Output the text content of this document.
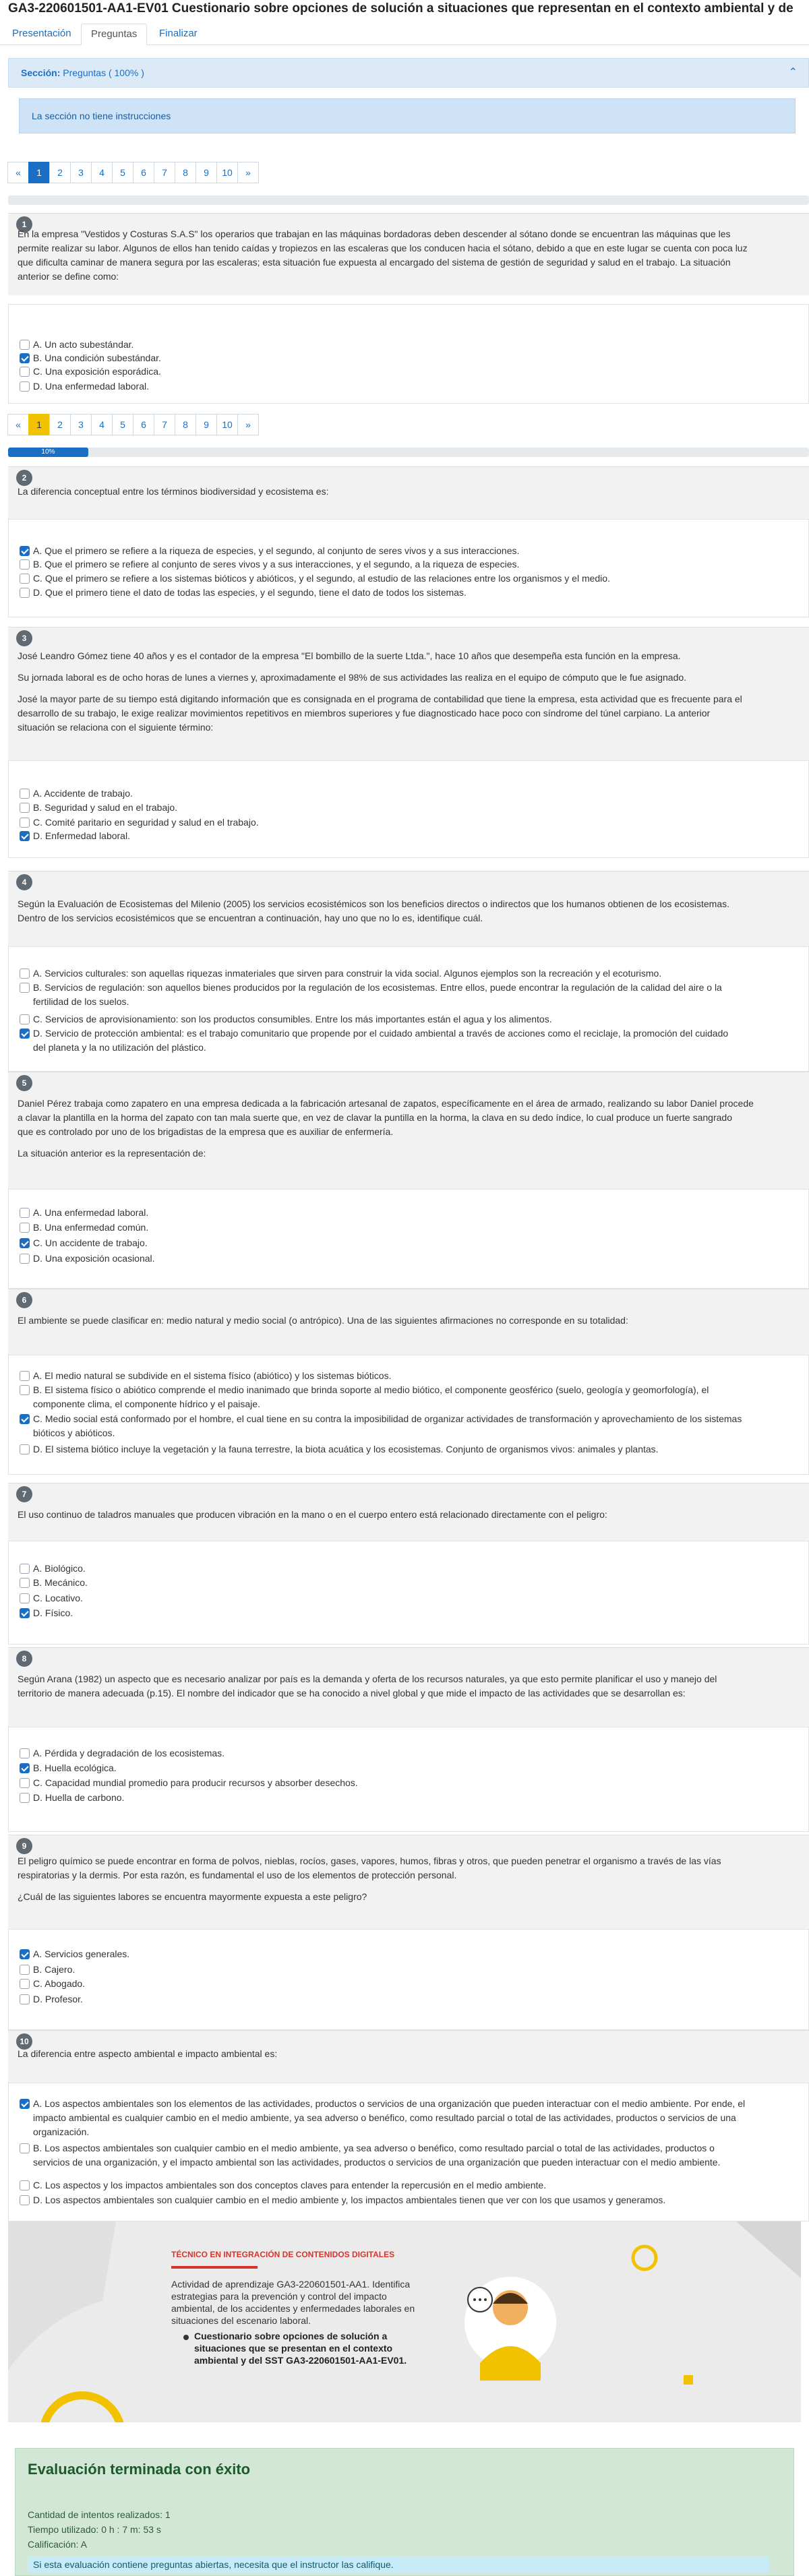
GA3-220601501-AA1-EV01 Cuestionario sobre opciones de solución a situaciones que representan en el contexto ambiental y de
Presentación	Preguntas	Finalizar
Sección: Preguntas ( 100% )	⌃
La sección no tiene instrucciones
«	1	2	3	4	5	6	7	8	9	10	»
1
En la empresa "Vestidos y Costuras S.A.S" los operarios que trabajan en las máquinas bordadoras deben descender al sótano donde se encuentran las máquinas que les
permite realizar su labor. Algunos de ellos han tenido caídas y tropiezos en las escaleras que los conducen hacia el sótano, debido a que en este lugar se cuenta con poca luz
que dificulta caminar de manera segura por las escaleras; esta situación fue expuesta al encargado del sistema de gestión de seguridad y salud en el trabajo. La situación
anterior se define como:
A. Un acto subestándar.
B. Una condición subestándar.
C. Una exposición esporádica.
D. Una enfermedad laboral.
«	1	2	3	4	5	6	7	8	9	10	»
10%
2
La diferencia conceptual entre los términos biodiversidad y ecosistema es:
A. Que el primero se refiere a la riqueza de especies, y el segundo, al conjunto de seres vivos y a sus interacciones.
B. Que el primero se refiere al conjunto de seres vivos y a sus interacciones, y el segundo, a la riqueza de especies.
C. Que el primero se refiere a los sistemas bióticos y abióticos, y el segundo, al estudio de las relaciones entre los organismos y el medio.
D. Que el primero tiene el dato de todas las especies, y el segundo, tiene el dato de todos los sistemas.
3
José Leandro Gómez tiene 40 años y es el contador de la empresa "El bombillo de la suerte Ltda.", hace 10 años que desempeña esta función en la empresa.
Su jornada laboral es de ocho horas de lunes a viernes y, aproximadamente el 98% de sus actividades las realiza en el equipo de cómputo que le fue asignado.
José la mayor parte de su tiempo está digitando información que es consignada en el programa de contabilidad que tiene la empresa, esta actividad que es frecuente para el
desarrollo de su trabajo, le exige realizar movimientos repetitivos en miembros superiores y fue diagnosticado hace poco con síndrome del túnel carpiano. La anterior
situación se relaciona con el siguiente término:
A. Accidente de trabajo.
B. Seguridad y salud en el trabajo.
C. Comité paritario en seguridad y salud en el trabajo.
D. Enfermedad laboral.
4
Según la Evaluación de Ecosistemas del Milenio (2005) los servicios ecosistémicos son los beneficios directos o indirectos que los humanos obtienen de los ecosistemas.
Dentro de los servicios ecosistémicos que se encuentran a continuación, hay uno que no lo es, identifique cuál.
A. Servicios culturales: son aquellas riquezas inmateriales que sirven para construir la vida social. Algunos ejemplos son la recreación y el ecoturismo.
B. Servicios de regulación: son aquellos bienes producidos por la regulación de los ecosistemas. Entre ellos, puede encontrar la regulación de la calidad del aire o la
fertilidad de los suelos.
C. Servicios de aprovisionamiento: son los productos consumibles. Entre los más importantes están el agua y los alimentos.
D. Servicio de protección ambiental: es el trabajo comunitario que propende por el cuidado ambiental a través de acciones como el reciclaje, la promoción del cuidado
del planeta y la no utilización del plástico.
5
Daniel Pérez trabaja como zapatero en una empresa dedicada a la fabricación artesanal de zapatos, específicamente en el área de armado, realizando su labor Daniel procede
a clavar la plantilla en la horma del zapato con tan mala suerte que, en vez de clavar la puntilla en la horma, la clava en su dedo índice, lo cual produce un fuerte sangrado
que es controlado por uno de los brigadistas de la empresa que es auxiliar de enfermería.
La situación anterior es la representación de:
A. Una enfermedad laboral.
B. Una enfermedad común.
C. Un accidente de trabajo.
D. Una exposición ocasional.
6
El ambiente se puede clasificar en: medio natural y medio social (o antrópico). Una de las siguientes afirmaciones no corresponde en su totalidad:
A. El medio natural se subdivide en el sistema físico (abiótico) y los sistemas bióticos.
B. El sistema físico o abiótico comprende el medio inanimado que brinda soporte al medio biótico, el componente geosférico (suelo, geología y geomorfología), el
componente clima, el componente hídrico y el paisaje.
C. Medio social está conformado por el hombre, el cual tiene en su contra la imposibilidad de organizar actividades de transformación y aprovechamiento de los sistemas
bióticos y abióticos.
D. El sistema biótico incluye la vegetación y la fauna terrestre, la biota acuática y los ecosistemas. Conjunto de organismos vivos: animales y plantas.
7
El uso continuo de taladros manuales que producen vibración en la mano o en el cuerpo entero está relacionado directamente con el peligro:
A. Biológico.
B. Mecánico.
C. Locativo.
D. Físico.
8
Según Arana (1982) un aspecto que es necesario analizar por país es la demanda y oferta de los recursos naturales, ya que esto permite planificar el uso y manejo del
territorio de manera adecuada (p.15). El nombre del indicador que se ha conocido a nivel global y que mide el impacto de las actividades que se desarrollan es:
A. Pérdida y degradación de los ecosistemas.
B. Huella ecológica.
C. Capacidad mundial promedio para producir recursos y absorber desechos.
D. Huella de carbono.
9
El peligro químico se puede encontrar en forma de polvos, nieblas, rocíos, gases, vapores, humos, fibras y otros, que pueden penetrar el organismo a través de las vías
respiratorias y la dermis. Por esta razón, es fundamental el uso de los elementos de protección personal.
¿Cuál de las siguientes labores se encuentra mayormente expuesta a este peligro?
A. Servicios generales.
B. Cajero.
C. Abogado.
D. Profesor.
10
La diferencia entre aspecto ambiental e impacto ambiental es:
A. Los aspectos ambientales son los elementos de las actividades, productos o servicios de una organización que pueden interactuar con el medio ambiente. Por ende, el
impacto ambiental es cualquier cambio en el medio ambiente, ya sea adverso o benéfico, como resultado parcial o total de las actividades, productos o servicios de una
organización.
B. Los aspectos ambientales son cualquier cambio en el medio ambiente, ya sea adverso o benéfico, como resultado parcial o total de las actividades, productos o
servicios de una organización, y el impacto ambiental son las actividades, productos o servicios de una organización que pueden interactuar con el medio ambiente.
C. Los aspectos y los impactos ambientales son dos conceptos claves para entender la repercusión en el medio ambiente.
D. Los aspectos ambientales son cualquier cambio en el medio ambiente y, los impactos ambientales tienen que ver con los que usamos y generamos.
TÉCNICO EN INTEGRACIÓN DE CONTENIDOS DIGITALES
Actividad de aprendizaje GA3-220601501-AA1. Identifica
estrategias para la prevención y control del impacto
ambiental, de los accidentes y enfermedades laborales en
situaciones del escenario laboral.
Cuestionario sobre opciones de solución a
situaciones que se presentan en el contexto
ambiental y del SST GA3-220601501-AA1-EV01.
Evaluación terminada con éxito
Cantidad de intentos realizados: 1
Tiempo utilizado: 0 h : 7 m: 53 s
Calificación: A
Si esta evaluación contiene preguntas abiertas, necesita que el instructor las califique.
